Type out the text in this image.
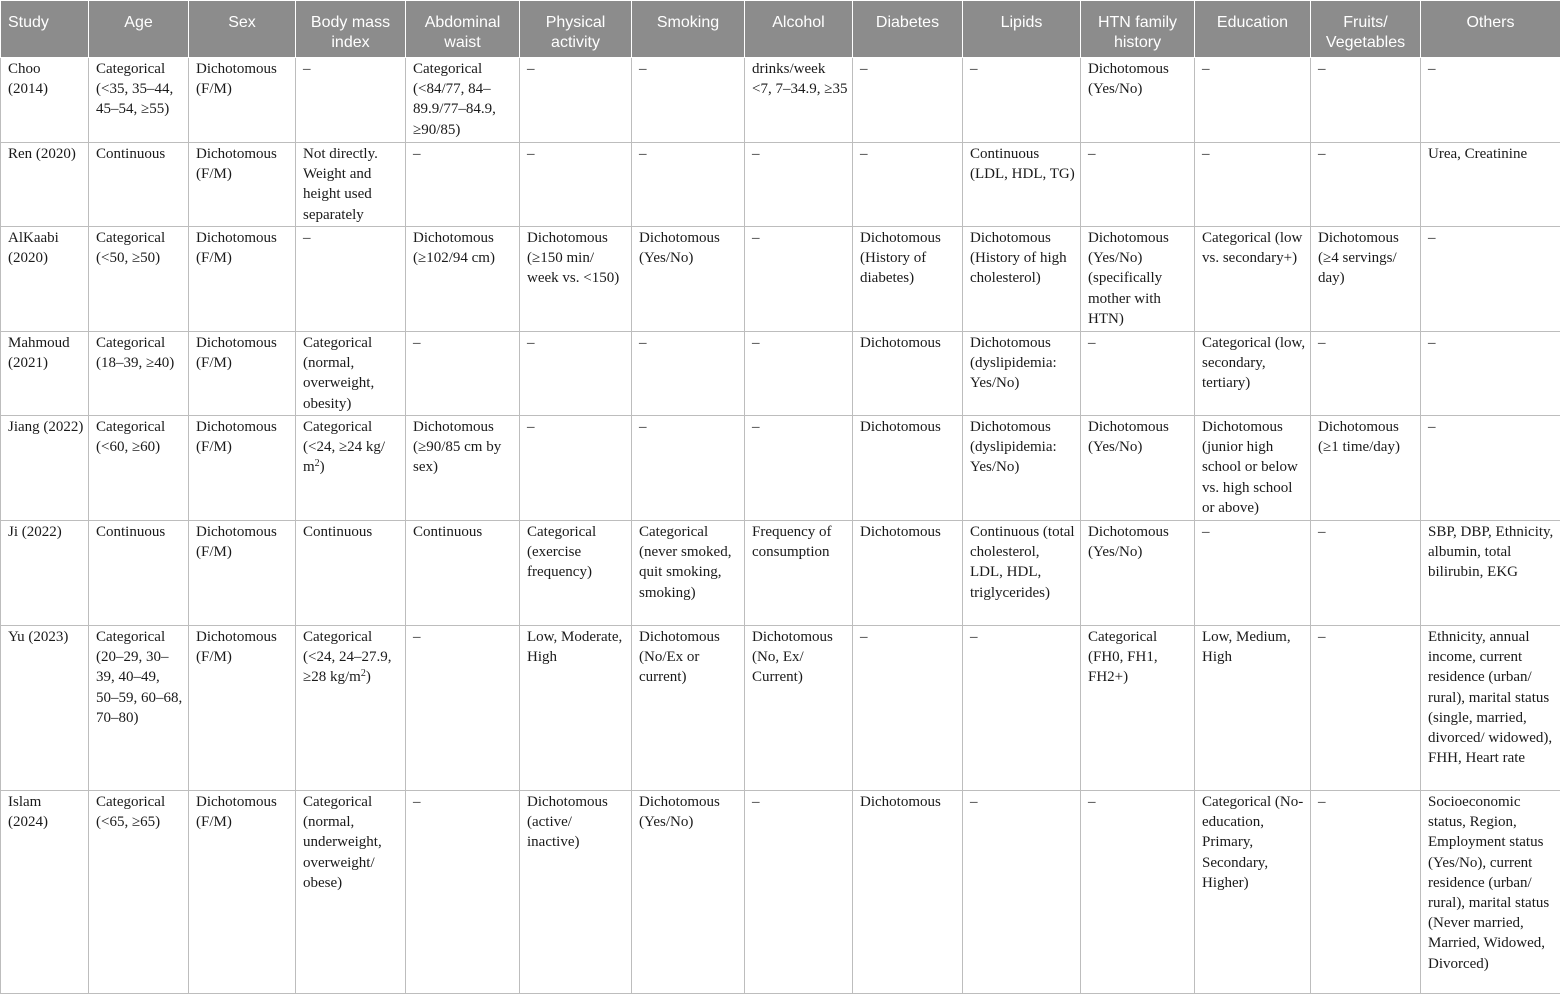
Study	Age	Sex	Body mass index	Abdominal waist	Physical activity	Smoking	Alcohol	Diabetes	Lipids	HTN family history	Education	Fruits/ Vegetables	Others
Choo (2014)	Categorical (<35, 35–44, 45–54, ≥55)	Dichotomous (F/M)	–	Categorical (<84/77, 84–89.9/77–84.9, ≥90/85)	–	–	drinks/week <7, 7–34.9, ≥35	–	–	Dichotomous (Yes/No)	–	–	–
Ren (2020)	Continuous	Dichotomous (F/M)	Not directly. Weight and height used separately	–	–	–	–	–	Continuous (LDL, HDL, TG)	–	–	–	Urea, Creatinine
AlKaabi (2020)	Categorical (<50, ≥50)	Dichotomous (F/M)	–	Dichotomous (≥102/94 cm)	Dichotomous (≥150 min/ week vs. <150)	Dichotomous (Yes/No)	–	Dichotomous (History of diabetes)	Dichotomous (History of high cholesterol)	Dichotomous (Yes/No) (specifically mother with HTN)	Categorical (low vs. secondary+)	Dichotomous (≥4 servings/ day)	–
Mahmoud (2021)	Categorical (18–39, ≥40)	Dichotomous (F/M)	Categorical (normal, overweight, obesity)	–	–	–	–	Dichotomous	Dichotomous (dyslipidemia: Yes/No)	–	Categorical (low, secondary, tertiary)	–	–
Jiang (2022)	Categorical (<60, ≥60)	Dichotomous (F/M)	Categorical (<24, ≥24 kg/ $m^2$)	Dichotomous (≥90/85 cm by sex)	–	–	–	Dichotomous	Dichotomous (dyslipidemia: Yes/No)	Dichotomous (Yes/No)	Dichotomous (junior high school or below vs. high school or above)	Dichotomous (≥1 time/day)	–
Ji (2022)	Continuous	Dichotomous (F/M)	Continuous	Continuous	Categorical (exercise frequency)	Categorical (never smoked, quit smoking, smoking)	Frequency of consumption	Dichotomous	Continuous (total cholesterol, LDL, HDL, triglycerides)	Dichotomous (Yes/No)	–	–	SBP, DBP, Ethnicity, albumin, total bilirubin, EKG
Yu (2023)	Categorical (20–29, 30–39, 40–49, 50–59, 60–68, 70–80)	Dichotomous (F/M)	Categorical (<24, 24–27.9, ≥28 $kg/m^2$)	–	Low, Moderate, High	Dichotomous (No/Ex or current)	Dichotomous (No, Ex/ Current)	–	–	Categorical (FH0, FH1, FH2+)	Low, Medium, High	–	Ethnicity, annual income, current residence (urban/ rural), marital status (single, married, divorced/ widowed), FHH, Heart rate
Islam (2024)	Categorical (<65, ≥65)	Dichotomous (F/M)	Categorical (normal, underweight, overweight/ obese)	–	Dichotomous (active/ inactive)	Dichotomous (Yes/No)	–	Dichotomous	–	–	Categorical (No-education, Primary, Secondary, Higher)	–	Socioeconomic status, Region, Employment status (Yes/No), current residence (urban/ rural), marital status (Never married, Married, Widowed, Divorced)
